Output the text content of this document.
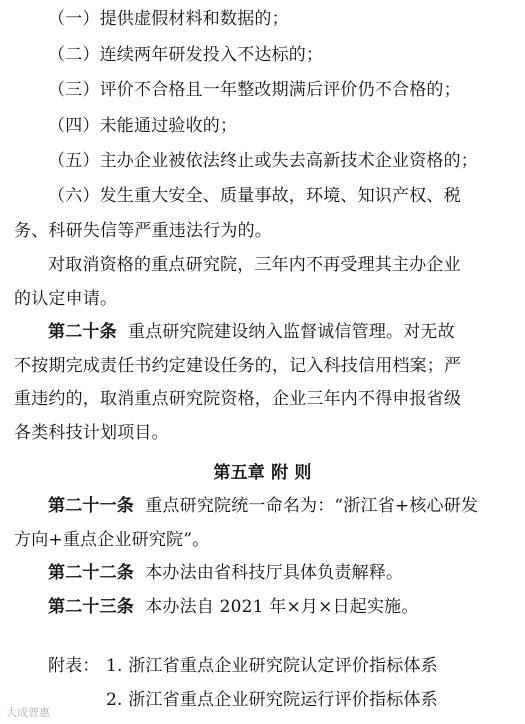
（一）提供虚假材料和数据的；
（二）连续两年研发投入不达标的；
（三）评价不合格且一年整改期满后评价仍不合格的；
（四）未能通过验收的；
（五）主办企业被依法终止或失去高新技术企业资格的；
（六）发生重大安全、质量事故，环境、知识产权、税
务、科研失信等严重违法行为的。
对取消资格的重点研究院，三年内不再受理其主办企业
的认定申请。
第二十条 重点研究院建设纳入监督诚信管理。对无故
不按期完成责任书约定建设任务的，记入科技信用档案；严
重违约的，取消重点研究院资格，企业三年内不得申报省级
各类科技计划项目。
第五章 附 则
第二十一条 重点研究院统一命名为：“浙江省+核心研发
方向+重点企业研究院”。
第二十二条 本办法由省科技厅具体负责解释。
第二十三条 本办法自 2021 年×月×日起实施。
附表： 1. 浙江省重点企业研究院认定评价指标体系
2. 浙江省重点企业研究院运行评价指标体系
大成普惠
